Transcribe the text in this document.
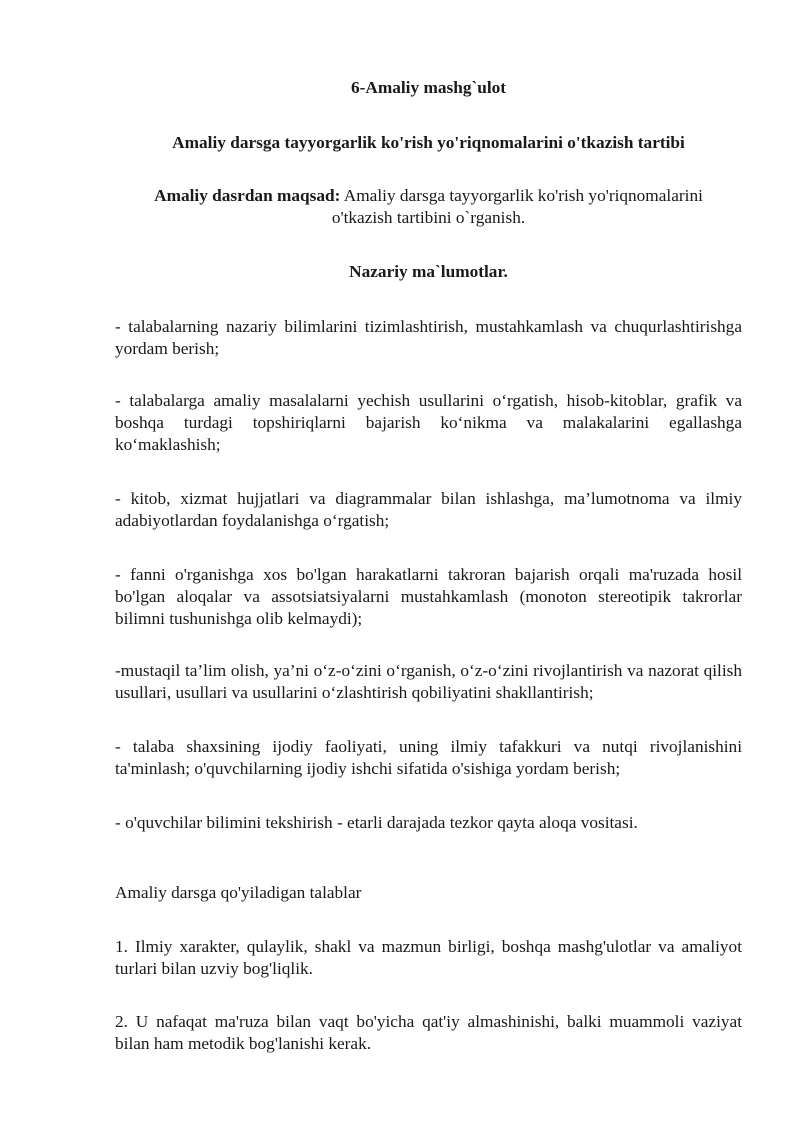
6-Amaliy mashg`ulot

Amaliy darsga tayyorgarlik ko'rish yo'riqnomalarini o'tkazish tartibi

Amaliy dasrdan maqsad: Amaliy darsga tayyorgarlik ko'rish yo'riqnomalarini
o'tkazish tartibini o`rganish.

Nazariy ma`lumotlar.

- talabalarning nazariy bilimlarini tizimlashtirish, mustahkamlash va chuqurlashtirishga yordam berish;

- talabalarga amaliy masalalarni yechish usullarini o‘rgatish, hisob-kitoblar, grafik va boshqa turdagi topshiriqlarni bajarish ko‘nikma va malakalarini egallashga ko‘maklashish;

- kitob, xizmat hujjatlari va diagrammalar bilan ishlashga, ma’lumotnoma va ilmiy adabiyotlardan foydalanishga o‘rgatish;

- fanni o'rganishga xos bo'lgan harakatlarni takroran bajarish orqali ma'ruzada hosil bo'lgan aloqalar va assotsiatsiyalarni mustahkamlash (monoton stereotipik takrorlar bilimni tushunishga olib kelmaydi);

-mustaqil ta’lim olish, ya’ni o‘z-o‘zini o‘rganish, o‘z-o‘zini rivojlantirish va nazorat qilish usullari, usullari va usullarini o‘zlashtirish qobiliyatini shakllantirish;

- talaba shaxsining ijodiy faoliyati, uning ilmiy tafakkuri va nutqi rivojlanishini ta'minlash; o'quvchilarning ijodiy ishchi sifatida o'sishiga yordam berish;

- o'quvchilar bilimini tekshirish - etarli darajada tezkor qayta aloqa vositasi.

Amaliy darsga qo'yiladigan talablar

1. Ilmiy xarakter, qulaylik, shakl va mazmun birligi, boshqa mashg'ulotlar va amaliyot turlari bilan uzviy bog'liqlik.

2. U nafaqat ma'ruza bilan vaqt bo'yicha qat'iy almashinishi, balki muammoli vaziyat bilan ham metodik bog'lanishi kerak.
